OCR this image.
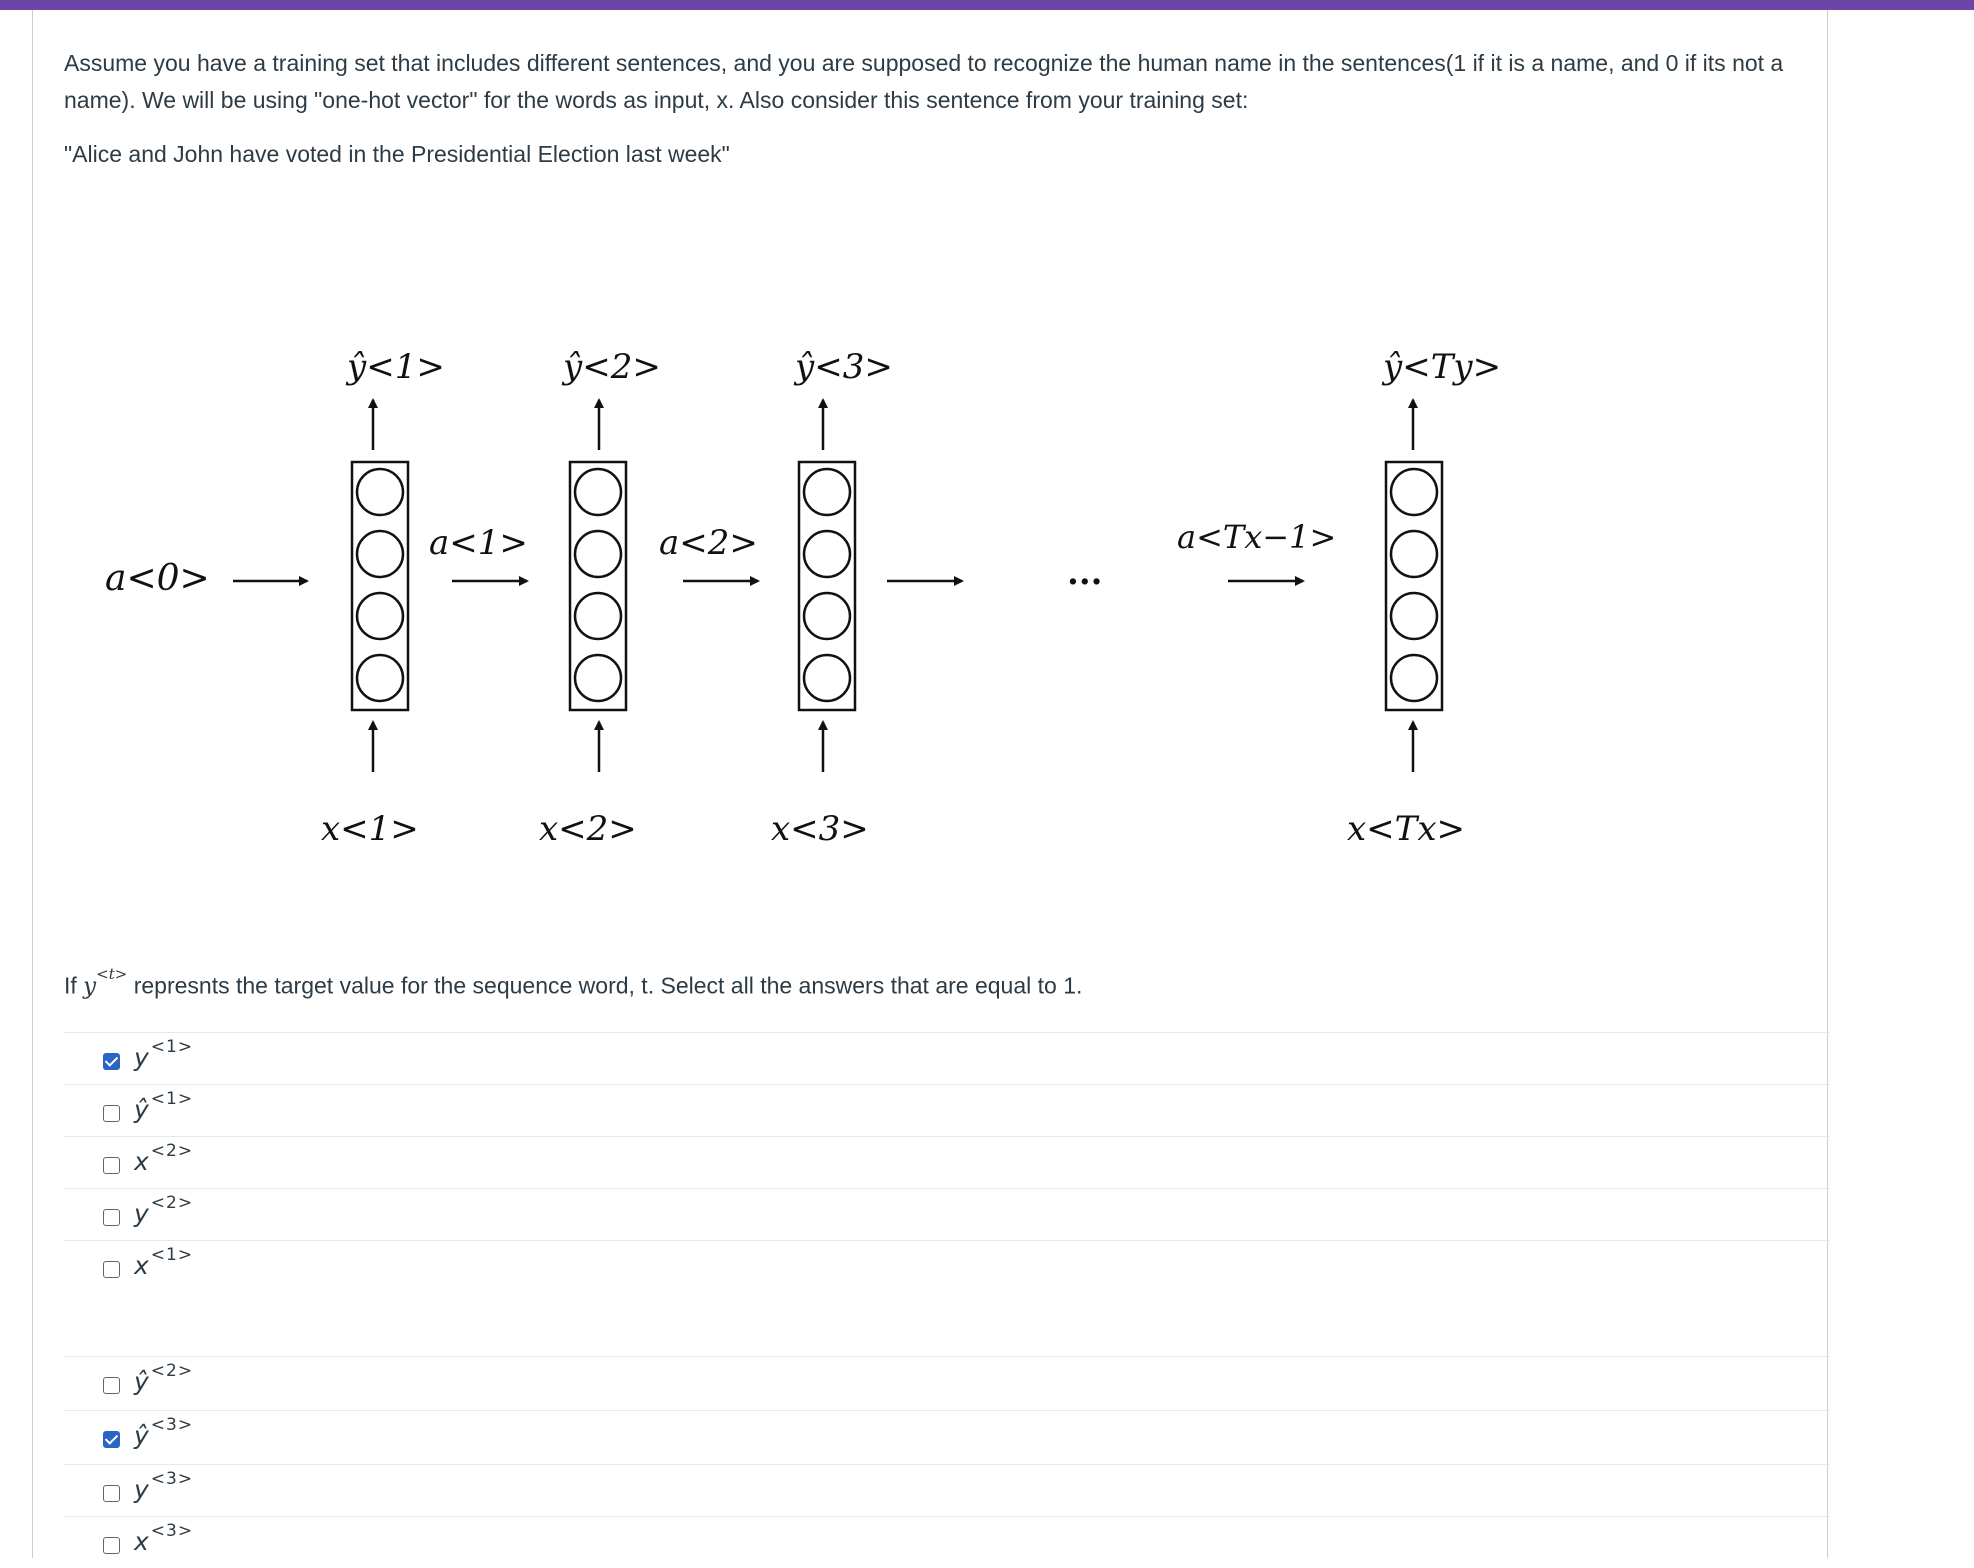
Assume you have a training set that includes different sentences, and you are supposed to recognize the human name in the sentences(1 if it is a name, and 0 if its not a name). We will be using "one-hot vector" for the words as input, x. Also consider this sentence from your training set:
"Alice and John have voted in the Presidential Election last week"
a<0>
a<1>	a<2>	a<Tx−1>
...
ŷ<1>	ŷ<2>	ŷ<3>	ŷ<Ty>
x<1>	x<2>	x<3>	x<Tx>
If $y^{<t>}$ represnts the target value for the sequence word, t. Select all the answers that are equal to 1.
y $^{<1>}$
ŷ $^{<1>}$
x $^{<2>}$
y $^{<2>}$
x $^{<1>}$
ŷ $^{<2>}$
ŷ $^{<3>}$
y $^{<3>}$
x $^{<3>}$
